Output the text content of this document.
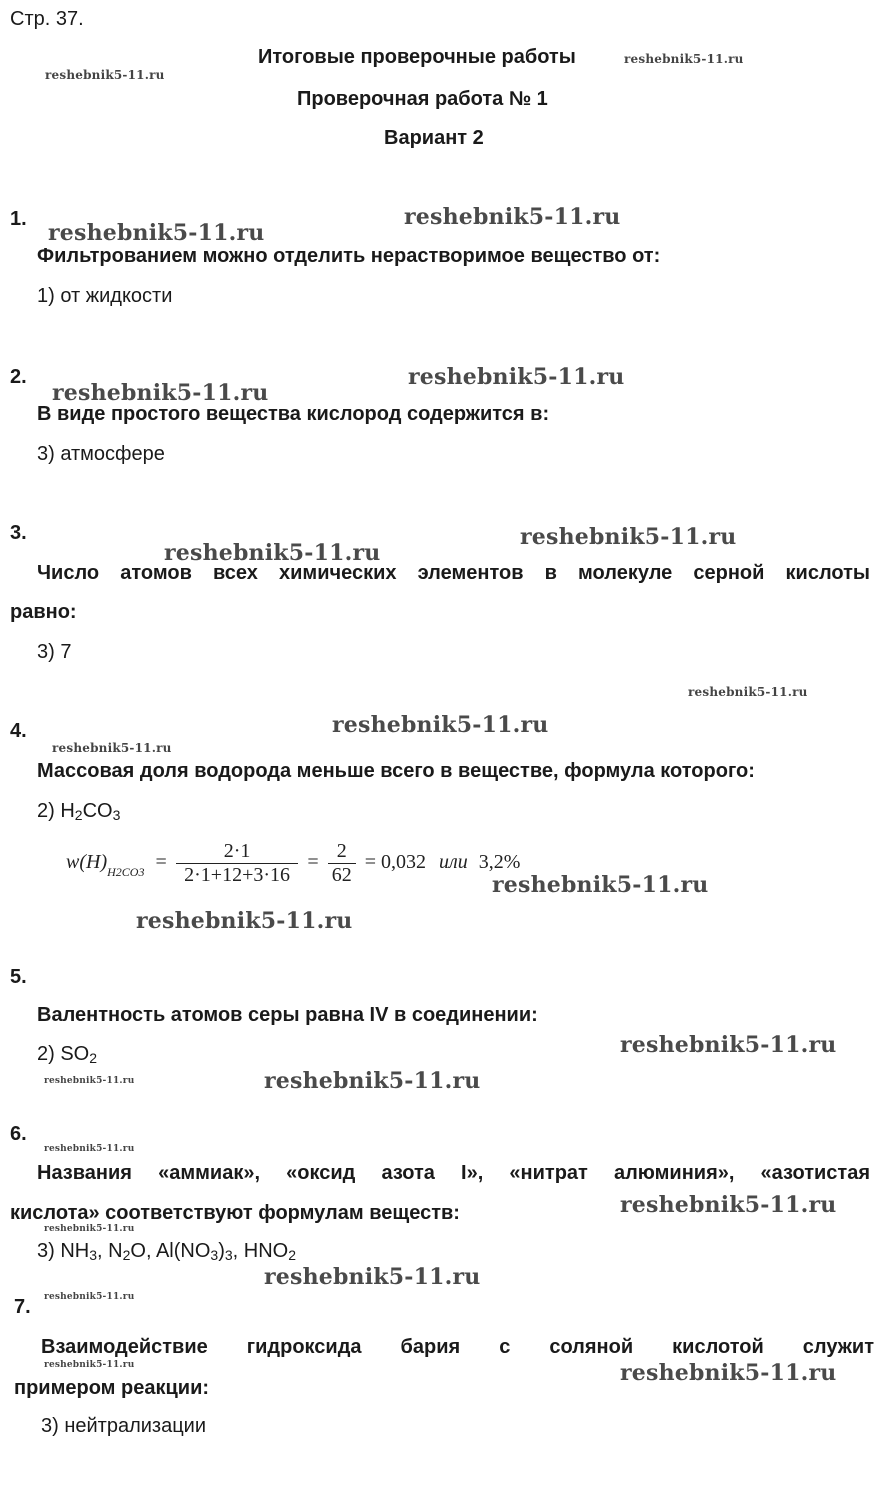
Стр. 37.
Итоговые проверочные работы
Проверочная работа № 1
Вариант 2
reshebnik5-11.ru
reshebnik5-11.ru
reshebnik5-11.ru
reshebnik5-11.ru
reshebnik5-11.ru
reshebnik5-11.ru
reshebnik5-11.ru
reshebnik5-11.ru
reshebnik5-11.ru
reshebnik5-11.ru
reshebnik5-11.ru
reshebnik5-11.ru
reshebnik5-11.ru
reshebnik5-11.ru
reshebnik5-11.ru	reshebnik5-11.ru
reshebnik5-11.ru
reshebnik5-11.ru
reshebnik5-11.ru
reshebnik5-11.ru
reshebnik5-11.ru
reshebnik5-11.ru	reshebnik5-11.ru
1.
Фильтрованием можно отделить нерастворимое вещество от:
1) от жидкости
2.
В виде простого вещества кислород содержится в:
3) атмосфере
3.
Число атомов всех химических элементов в молекуле серной кислоты
равно:
3) 7
4.
Массовая доля водорода меньше всего в веществе, формула которого:
2) $H_2CO_3$
$w(H)_{H2CO3} = \frac{2\cdot 1}{2\cdot 1+12+3\cdot 16} = \frac{2}{62} = 0,032$ или 3,2%
5.
Валентность атомов серы равна IV в соединении:
2) $SO_2$
6.
Названия «аммиак», «оксид азота I», «нитрат алюминия», «азотистая
кислота» соответствуют формулам веществ:
3) $NH_3$, $N_2O$, $Al(NO_3)_3$, $HNO_2$
7.
Взаимодействие гидроксида бария с соляной кислотой служит
примером реакции:
3) нейтрализации
